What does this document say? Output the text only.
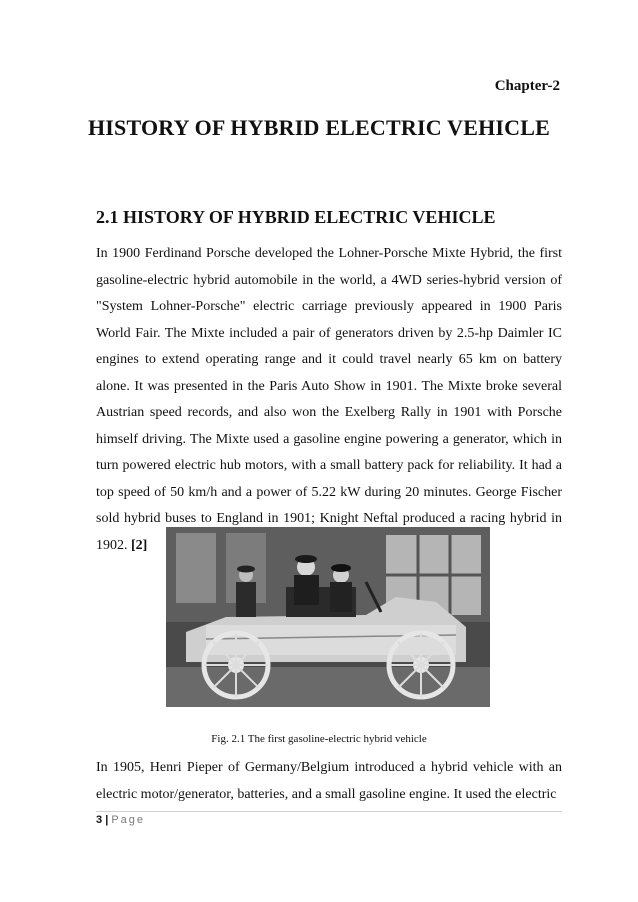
Chapter-2

HISTORY OF HYBRID ELECTRIC VEHICLE
2.1 HISTORY OF HYBRID ELECTRIC VEHICLE

In 1900 Ferdinand Porsche developed the Lohner-Porsche Mixte Hybrid, the first gasoline-electric hybrid automobile in the world, a 4WD series-hybrid version of "System Lohner-Porsche" electric carriage previously appeared in 1900 Paris World Fair. The Mixte included a pair of generators driven by 2.5-hp Daimler IC engines to extend operating range and it could travel nearly 65 km on battery alone. It was presented in the Paris Auto Show in 1901. The Mixte broke several Austrian speed records, and also won the Exelberg Rally in 1901 with Porsche himself driving. The Mixte used a gasoline engine powering a generator, which in turn powered electric hub motors, with a small battery pack for reliability. It had a top speed of 50 km/h and a power of 5.22 kW during 20 minutes. George Fischer sold hybrid buses to England in 1901; Knight Neftal produced a racing hybrid in 1902. [2]

Fig. 2.1 The first gasoline-electric hybrid vehicle

In 1905, Henri Pieper of Germany/Belgium introduced a hybrid vehicle with an electric motor/generator, batteries, and a small gasoline engine. It used the electric

3 | Page
